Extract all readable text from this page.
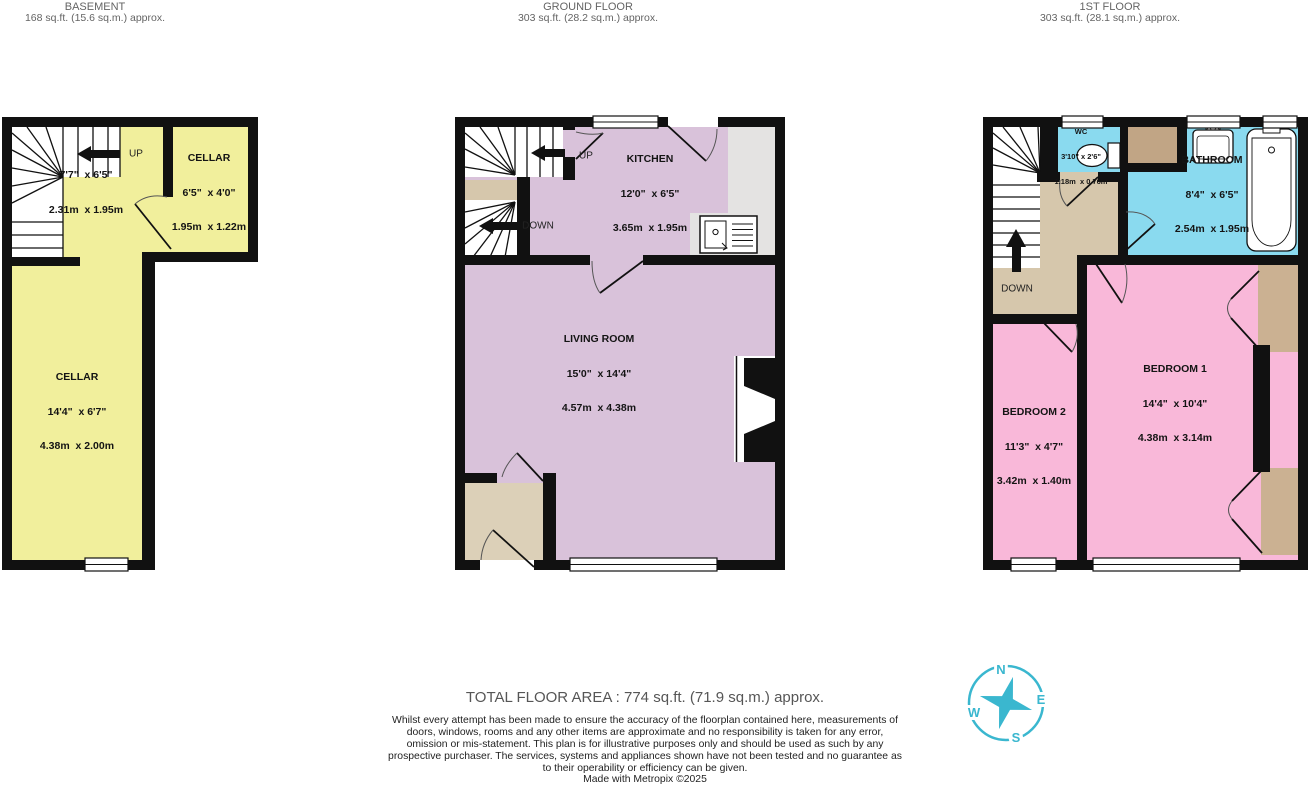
N
E
S
W
BASEMENT
168 sq.ft. (15.6 sq.m.) approx.
GROUND FLOOR
303 sq.ft. (28.2 sq.m.) approx.
1ST FLOOR
303 sq.ft. (28.1 sq.m.) approx.

7'7"  x 6'5"

2.31m  x 1.95m

CELLAR

6'5"  x 4'0"

1.95m  x 1.22m

CELLAR

14'4"  x 6'7"

4.38m  x 2.00m

KITCHEN

12'0"  x 6'5"

3.65m  x 1.95m

LIVING ROOM

15'0"  x 14'4"

4.57m  x 4.38m

WC

3'10" x 2'6"

1.18m  x 0.76m

BATHROOM

8'4"  x 6'5"

2.54m  x 1.95m

BEDROOM 2

11'3"  x 4'7"

3.42m  x 1.40m

BEDROOM 1

14'4"  x 10'4"

4.38m  x 3.14m

UP	UP
DOWN
DOWN
TOTAL FLOOR AREA : 774 sq.ft. (71.9 sq.m.) approx.
Whilst every attempt has been made to ensure the accuracy of the floorplan contained here, measurements of doors, windows, rooms and any other items are approximate and no responsibility is taken for any error, omission or mis-statement. This plan is for illustrative purposes only and should be used as such by any prospective purchaser. The services, systems and appliances shown have not been tested and no guarantee as to their operability or efficiency can be given.
Made with Metropix ©2025
